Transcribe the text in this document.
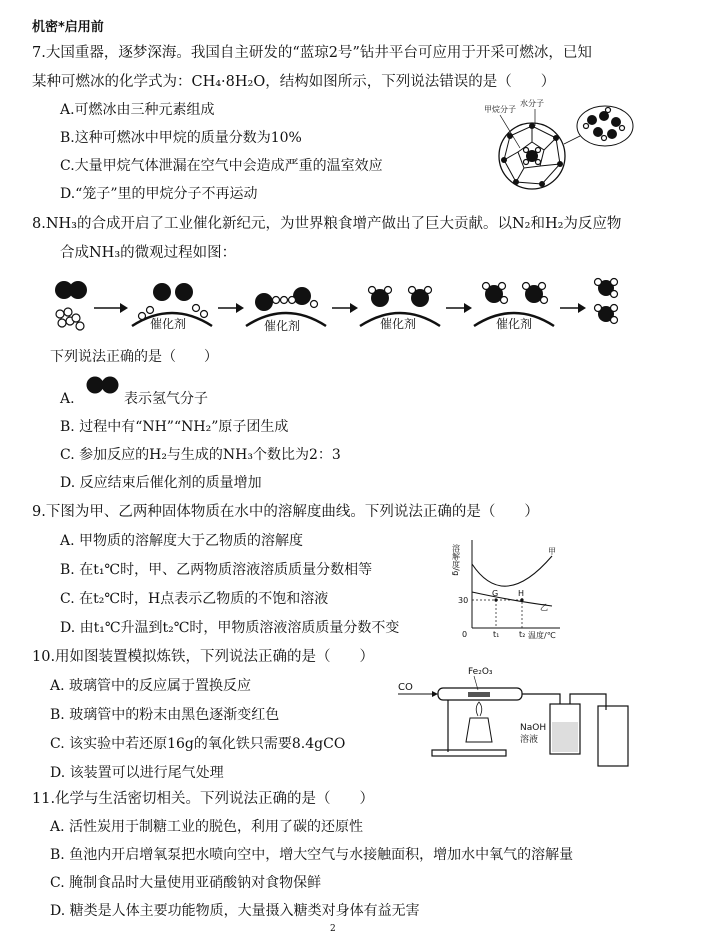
机密*启用前
7.大国重器，逐梦深海。我国自主研发的“蓝琼2号”钻井平台可应用于开采可燃冰，已知
某种可燃冰的化学式为：CH₄·8H₂O，结构如图所示，下列说法错误的是（　　）
A.可燃冰由三种元素组成
B.这种可燃冰中甲烷的质量分数为10%
C.大量甲烷气体泄漏在空气中会造成严重的温室效应
D.“笼子”里的甲烷分子不再运动
甲烷分子
水分子
8.NH₃的合成开启了工业催化新纪元，为世界粮食增产做出了巨大贡献。以N₂和H₂为反应物
合成NH₃的微观过程如图：
催化剂	催化剂	催化剂	催化剂
下列说法正确的是（　　）
A.	表示氢气分子
B. 过程中有“NH”“NH₂”原子团生成
C. 参加反应的H₂与生成的NH₃个数比为2：3
D. 反应结束后催化剂的质量增加
9.下图为甲、乙两种固体物质在水中的溶解度曲线。下列说法正确的是（　　）
A. 甲物质的溶解度大于乙物质的溶解度
B. 在t₁℃时，甲、乙两物质溶液溶质质量分数相等
C. 在t₂℃时，H点表示乙物质的不饱和溶液
D. 由t₁℃升温到t₂℃时，甲物质溶液溶质质量分数不变
溶解度/g	甲
乙
G H
30
0	t₁ t₂ 温度/℃
10.用如图装置模拟炼铁，下列说法正确的是（　　）
A. 玻璃管中的反应属于置换反应
B. 玻璃管中的粉末由黑色逐渐变红色
C. 该实验中若还原16g的氧化铁只需要8.4gCO
D. 该装置可以进行尾气处理
CO
Fe₂O₃
NaOH
溶液
11.化学与生活密切相关。下列说法正确的是（　　）
A. 活性炭用于制糖工业的脱色，利用了碳的还原性
B. 鱼池内开启增氧泵把水喷向空中，增大空气与水接触面积，增加水中氧气的溶解量
C. 腌制食品时大量使用亚硝酸钠对食物保鲜
D. 糖类是人体主要功能物质，大量摄入糖类对身体有益无害
2
